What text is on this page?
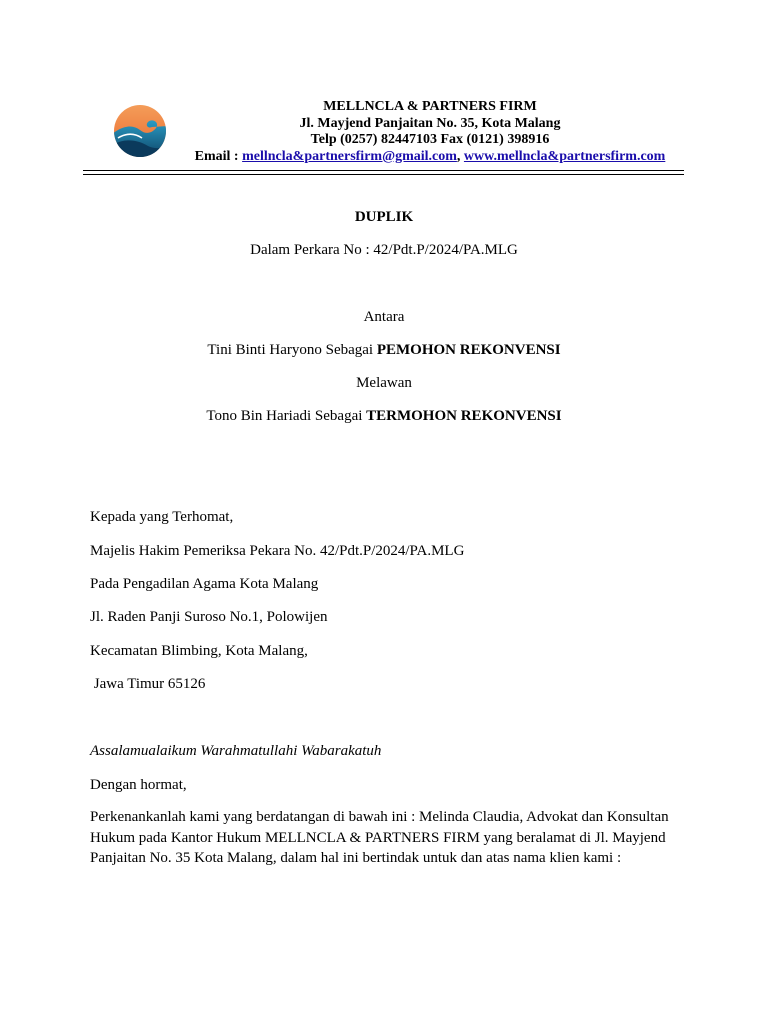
MELLNCLA & PARTNERS FIRM
Jl. Mayjend Panjaitan No. 35, Kota Malang
Telp (0257) 82447103 Fax (0121) 398916
Email : mellncla&partnersfirm@gmail.com, www.mellncla&partnersfirm.com
DUPLIK
Dalam Perkara No : 42/Pdt.P/2024/PA.MLG
Antara
Tini Binti Haryono Sebagai PEMOHON REKONVENSI
Melawan
Tono Bin Hariadi Sebagai TERMOHON REKONVENSI
Kepada yang Terhomat,
Majelis Hakim Pemeriksa Pekara No. 42/Pdt.P/2024/PA.MLG
Pada Pengadilan Agama Kota Malang
Jl. Raden Panji Suroso No.1, Polowijen
Kecamatan Blimbing, Kota Malang,
Jawa Timur 65126
Assalamualaikum Warahmatullahi Wabarakatuh
Dengan hormat,
Perkenankanlah kami yang berdatangan di bawah ini : Melinda Claudia, Advokat dan Konsultan Hukum pada Kantor Hukum MELLNCLA & PARTNERS FIRM yang beralamat di Jl. Mayjend Panjaitan No. 35 Kota Malang, dalam hal ini bertindak untuk dan atas nama klien kami :
